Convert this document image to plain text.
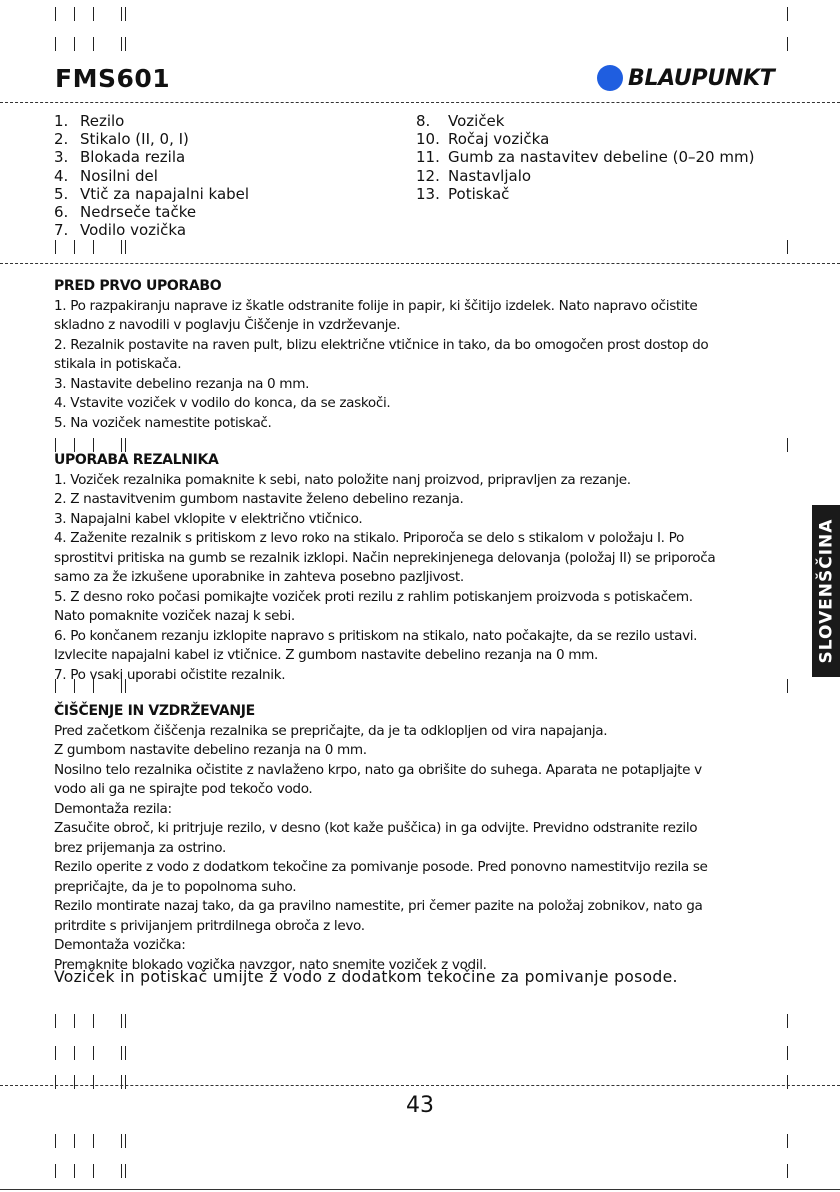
FMS601	BLAUPUNKT
1. Rezilo
2. Stikalo (II, 0, I)
3. Blokada rezila
4. Nosilni del
5. Vtič za napajalni kabel
6. Nedrseče tačke
7. Vodilo vozička
8.	Voziček
10. Ročaj vozička
11. Gumb za nastavitev debeline (0–20 mm)
12. Nastavljalo
13. Potiskač
PRED PRVO UPORABO
1. Po razpakiranju naprave iz škatle odstranite folije in papir, ki ščitijo izdelek. Nato napravo očistite
skladno z navodili v poglavju Čiščenje in vzdrževanje.
2. Rezalnik postavite na raven pult, blizu električne vtičnice in tako, da bo omogočen prost dostop do
stikala in potiskača.
3. Nastavite debelino rezanja na 0 mm.
4. Vstavite voziček v vodilo do konca, da se zaskoči.
5. Na voziček namestite potiskač.
UPORABA REZALNIKA
1. Voziček rezalnika pomaknite k sebi, nato položite nanj proizvod, pripravljen za rezanje.
2. Z nastavitvenim gumbom nastavite želeno debelino rezanja.
3. Napajalni kabel vklopite v električno vtičnico.
4. Zaženite rezalnik s pritiskom z levo roko na stikalo. Priporoča se delo s stikalom v položaju I. Po
sprostitvi pritiska na gumb se rezalnik izklopi. Način neprekinjenega delovanja (položaj II) se priporoča
samo za že izkušene uporabnike in zahteva posebno pazljivost.
5. Z desno roko počasi pomikajte voziček proti rezilu z rahlim potiskanjem proizvoda s potiskačem.
Nato pomaknite voziček nazaj k sebi.
6. Po končanem rezanju izklopite napravo s pritiskom na stikalo, nato počakajte, da se rezilo ustavi.
Izvlecite napajalni kabel iz vtičnice. Z gumbom nastavite debelino rezanja na 0 mm.
7. Po vsaki uporabi očistite rezalnik.
ČIŠČENJE IN VZDRŽEVANJE
Pred začetkom čiščenja rezalnika se prepričajte, da je ta odklopljen od vira napajanja.
Z gumbom nastavite debelino rezanja na 0 mm.
Nosilno telo rezalnika očistite z navlaženo krpo, nato ga obrišite do suhega. Aparata ne potapljajte v
vodo ali ga ne spirajte pod tekočo vodo.
Demontaža rezila:
Zasučite obroč, ki pritrjuje rezilo, v desno (kot kaže puščica) in ga odvijte. Previdno odstranite rezilo
brez prijemanja za ostrino.
Rezilo operite z vodo z dodatkom tekočine za pomivanje posode. Pred ponovno namestitvijo rezila se
prepričajte, da je to popolnoma suho.
Rezilo montirate nazaj tako, da ga pravilno namestite, pri čemer pazite na položaj zobnikov, nato ga
pritrdite s privijanjem pritrdilnega obroča z levo.
Demontaža vozička:
Premaknite blokado vozička navzgor, nato snemite voziček z vodil.
Voziček in potiskač umijte z vodo z dodatkom tekočine za pomivanje posode.
SLOVENŠČINA
43
